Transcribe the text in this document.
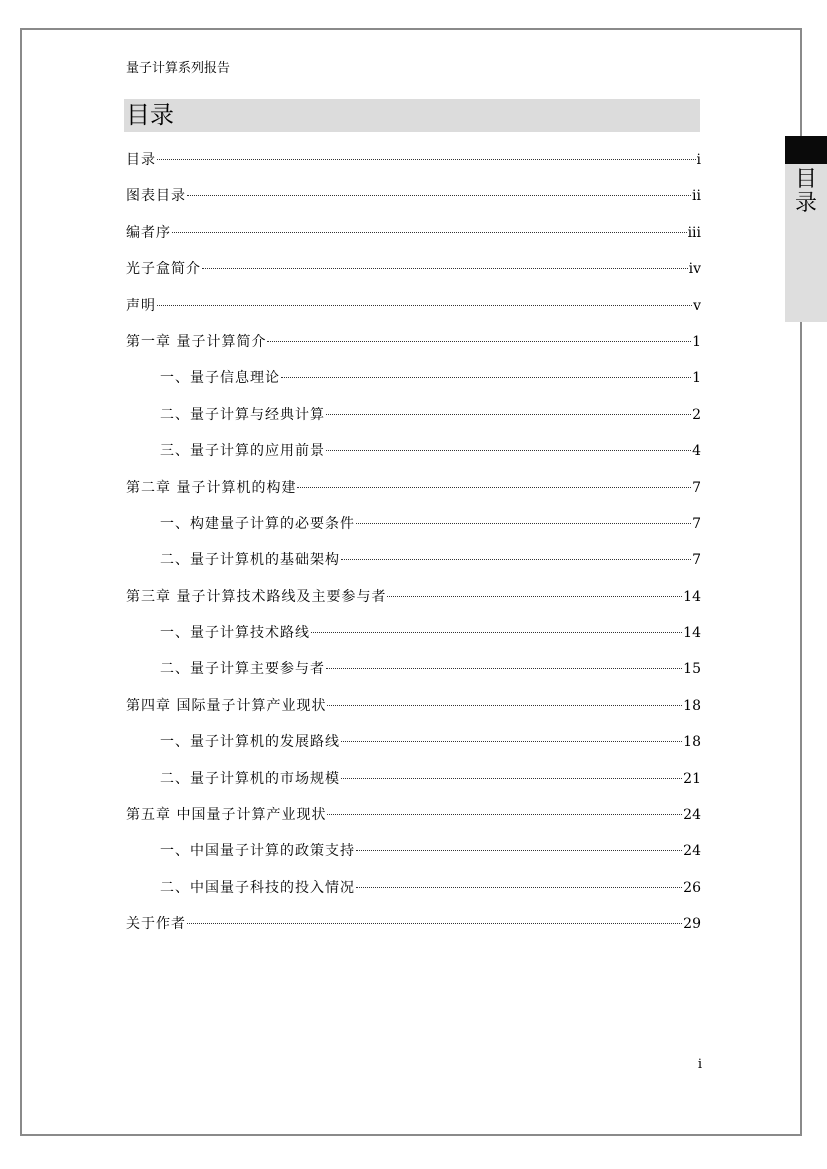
量子计算系列报告
目录
目
录
目录	i
图表目录	ii
编者序	iii
光子盒简介	iv
声明	v
第一章 量子计算简介	1
一、量子信息理论	1
二、量子计算与经典计算	2
三、量子计算的应用前景	4
第二章 量子计算机的构建	7
一、构建量子计算的必要条件	7
二、量子计算机的基础架构	7
第三章 量子计算技术路线及主要参与者	14
一、量子计算技术路线	14
二、量子计算主要参与者	15
第四章 国际量子计算产业现状	18
一、量子计算机的发展路线	18
二、量子计算机的市场规模	21
第五章 中国量子计算产业现状	24
一、中国量子计算的政策支持	24
二、中国量子科技的投入情况	26
关于作者	29
i
